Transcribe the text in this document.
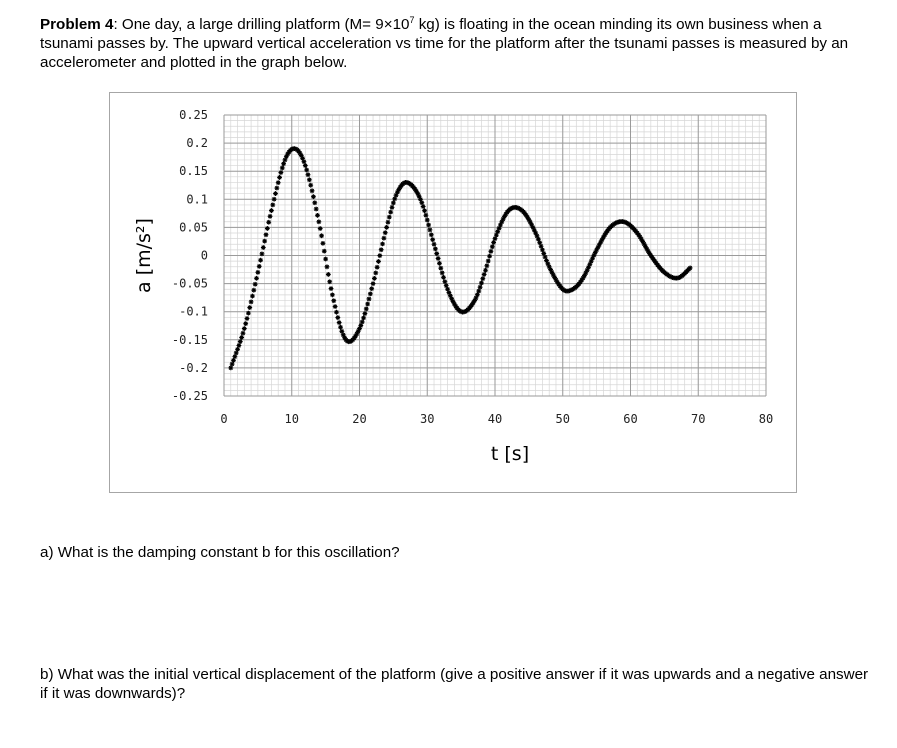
Problem 4: One day, a large drilling platform ($M= 9\times 10^7$ kg) is floating in the ocean minding its own business when a tsunami passes by. The upward vertical acceleration vs time for the platform after the tsunami passes is measured by an accelerometer and plotted in the graph below.
0.25
0.2
0.15
0.1
0.05
0
-0.05
-0.1
-0.15
-0.2
-0.25
0	10	20	30	40	50	60	70	80
t [s]
a [m/s²]
a) What is the damping constant b for this oscillation?
b) What was the initial vertical displacement of the platform (give a positive answer if it was upwards and a negative answer if it was downwards)?
